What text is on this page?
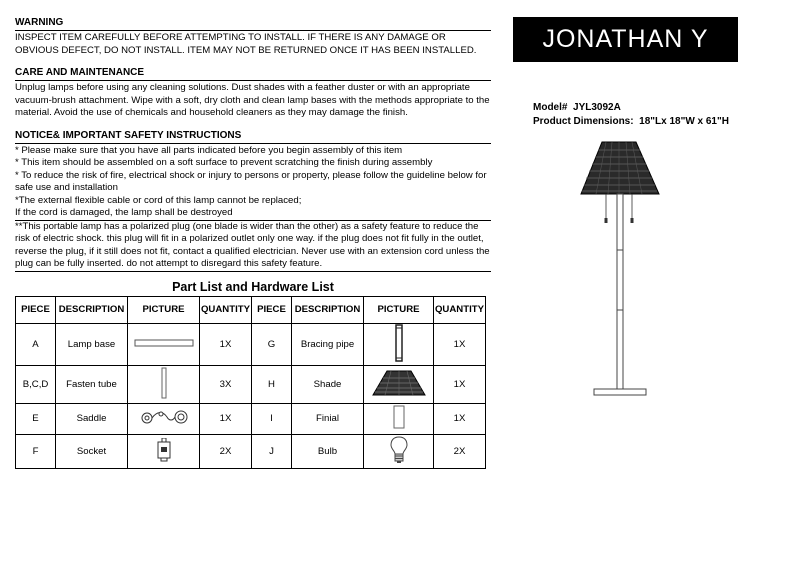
WARNING
INSPECT ITEM CAREFULLY BEFORE ATTEMPTING TO INSTALL. IF THERE IS ANY DAMAGE OR OBVIOUS DEFECT, DO NOT INSTALL. ITEM MAY NOT BE RETURNED ONCE IT HAS BEEN INSTALLED.
CARE AND MAINTENANCE
Unplug lamps before using any cleaning solutions. Dust shades with a feather duster or with an appropriate vacuum-brush attachment. Wipe with a soft, dry cloth and clean lamp bases with the methods appropriate to the material. Avoid the use of chemicals and household cleaners as they may damage the finish.
NOTICE& IMPORTANT SAFETY INSTRUCTIONS
* Please make sure that you have all parts indicated before you begin assembly of this item
* This item should be assembled on a soft surface to prevent scratching the finish during assembly
* To reduce the risk of fire, electrical shock or injury to persons or property, please follow the guideline below for safe use and installation
*The external flexible cable or cord of this lamp cannot be replaced;
If the cord is damaged, the lamp shall be destroyed
**This portable lamp has a polarized plug (one blade is wider than the other) as a safety feature to reduce the risk of electric shock. this plug will fit in a polarized outlet only one way. if the plug does not fit fully in the outlet, reverse the plug, if it still does not fit, contact a qualified electrician. Never use with an extension cord unless the plug can be fully inserted. do not attempt to disregard this safety feature.
Part List and Hardware List
PIECE	DESCRIPTION	PICTURE	QUANTITY	PIECE	DESCRIPTION	PICTURE	QUANTITY
A	Lamp base		1X	G	Bracing pipe		1X
B,C,D	Fasten tube		3X	H	Shade		1X
E	Saddle		1X	I	Finial		1X
F	Socket		2X	J	Bulb		2X
JONATHAN Y
Model# JYL3092A
Product Dimensions: 18"Lx 18"W x 61"H
